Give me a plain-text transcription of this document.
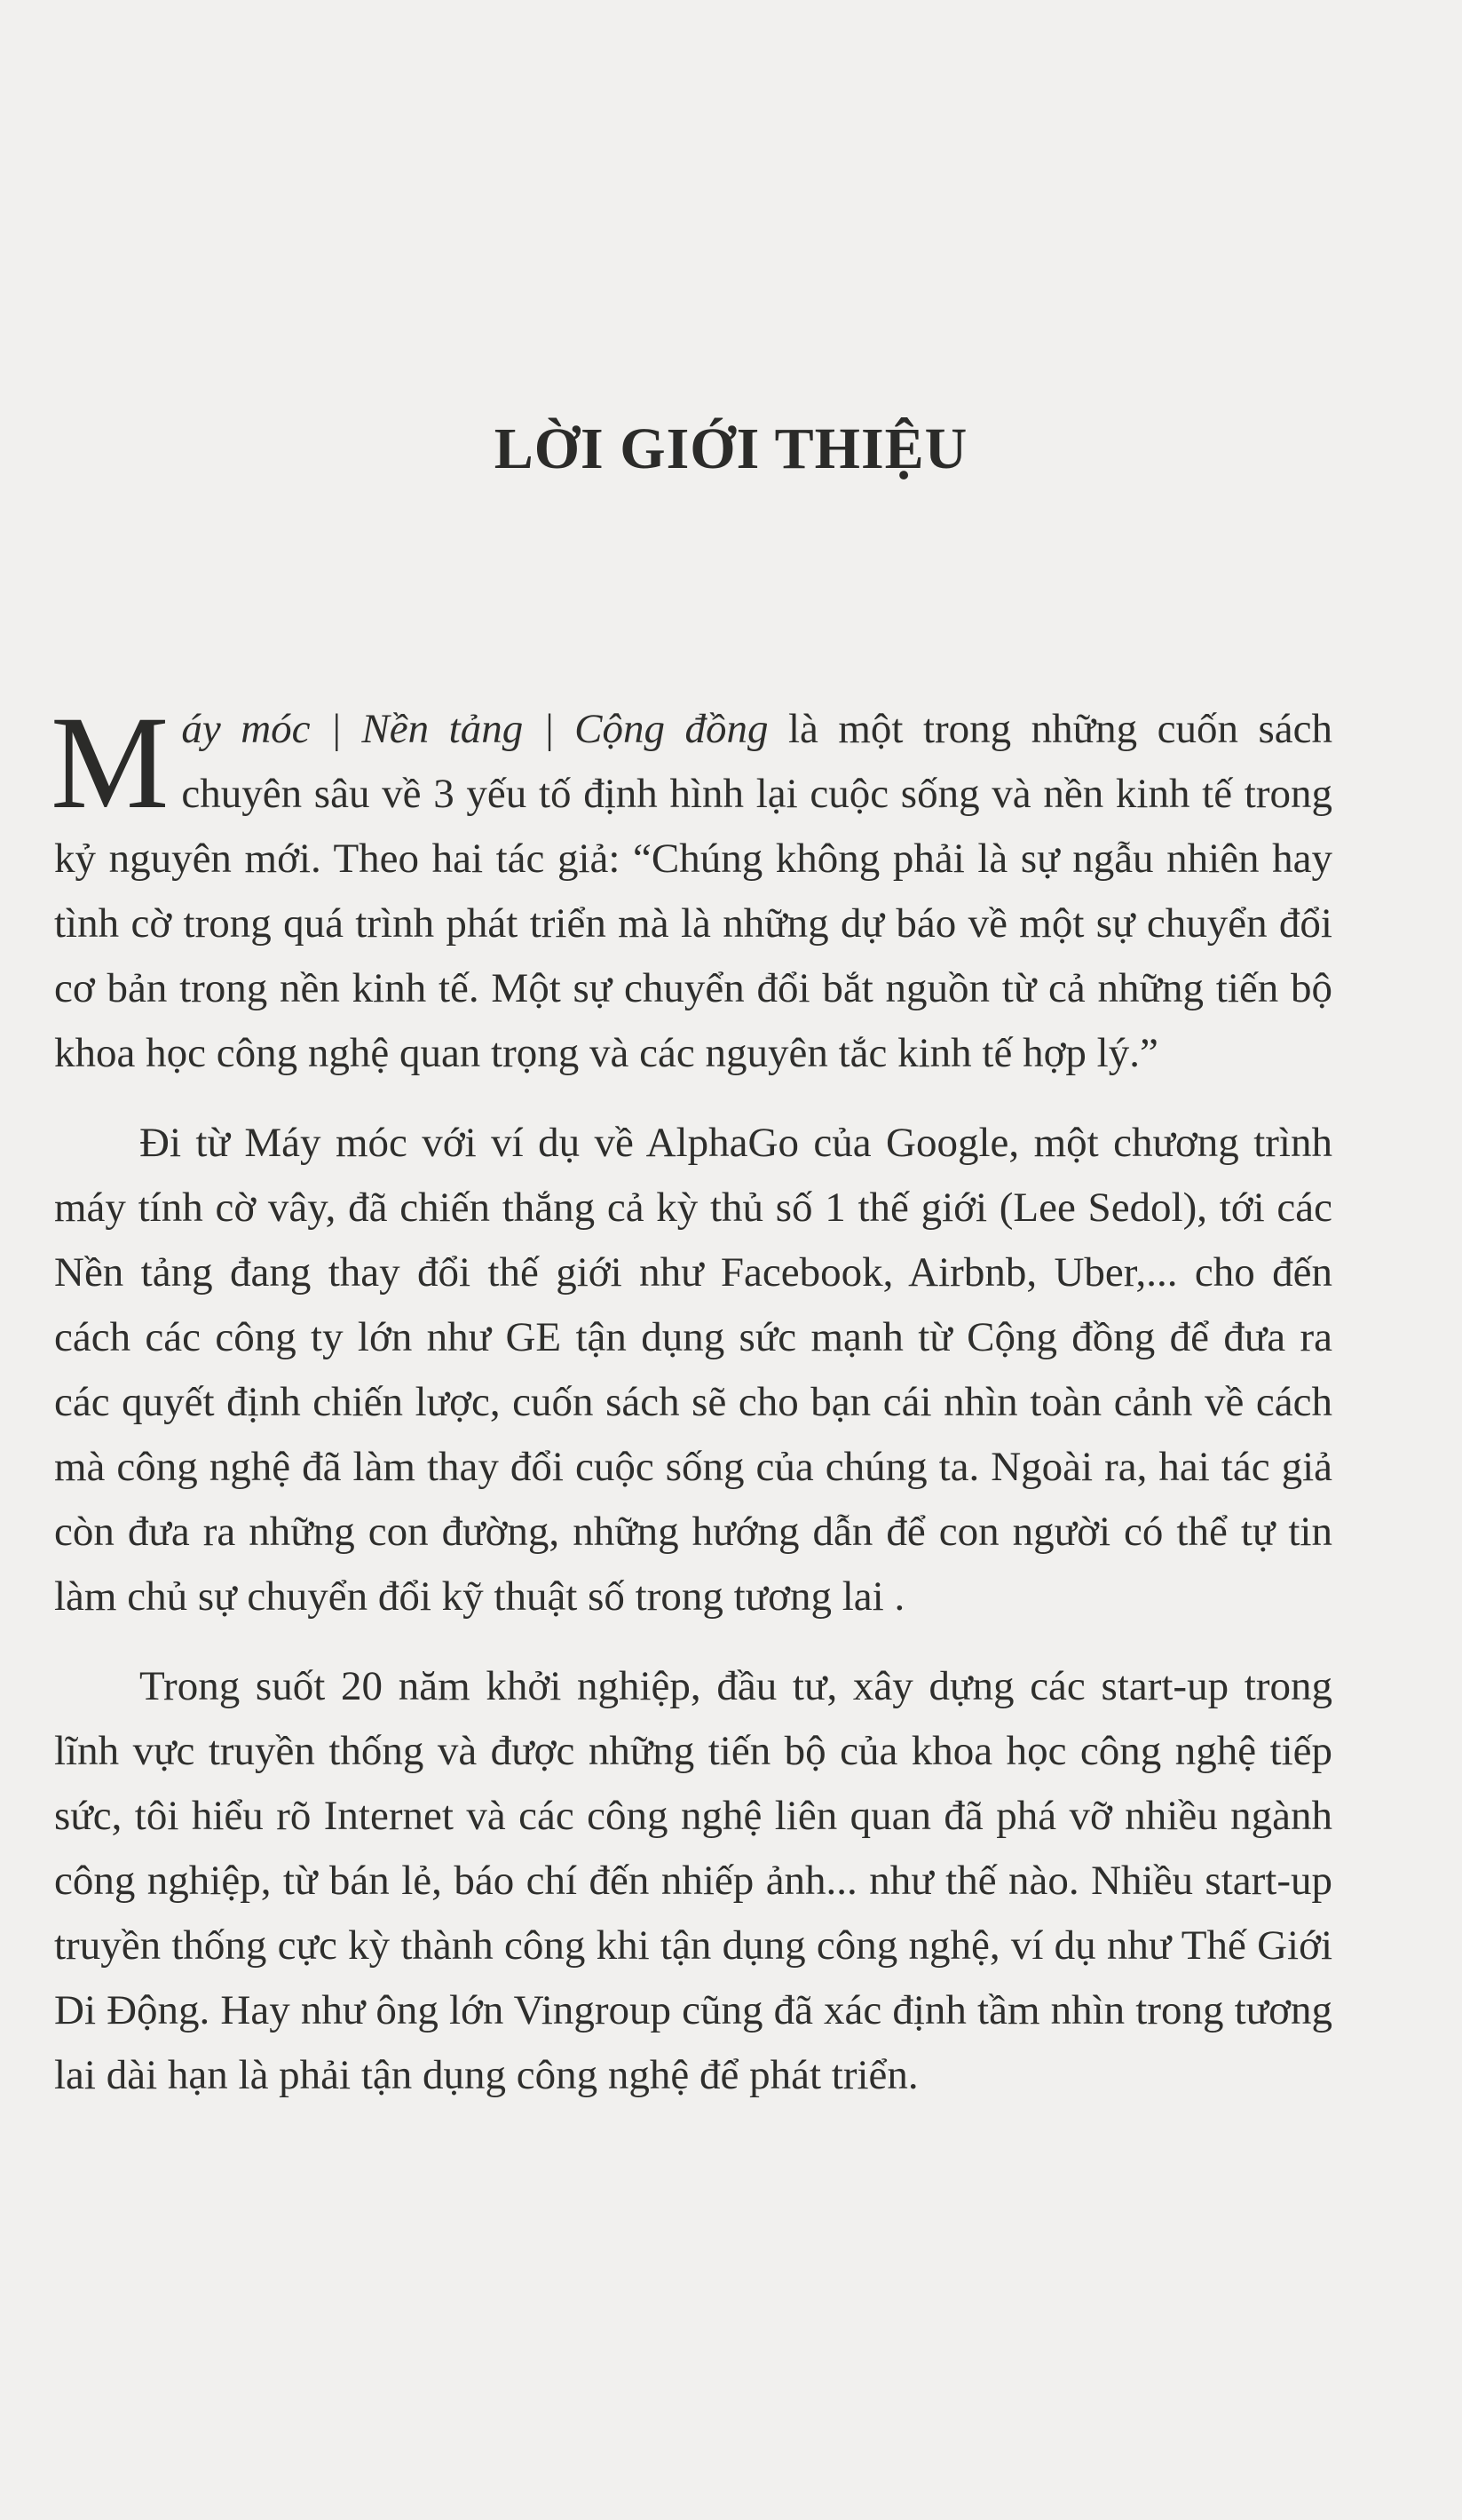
LỜI GIỚI THIỆU

Máy móc | Nền tảng | Cộng đồng là một trong những cuốn sách chuyên sâu về 3 yếu tố định hình lại cuộc sống và nền kinh tế trong kỷ nguyên mới. Theo hai tác giả: “Chúng không phải là sự ngẫu nhiên hay tình cờ trong quá trình phát triển mà là những dự báo về một sự chuyển đổi cơ bản trong nền kinh tế. Một sự chuyển đổi bắt nguồn từ cả những tiến bộ khoa học công nghệ quan trọng và các nguyên tắc kinh tế hợp lý.”

Đi từ Máy móc với ví dụ về AlphaGo của Google, một chương trình máy tính cờ vây, đã chiến thắng cả kỳ thủ số 1 thế giới (Lee Sedol), tới các Nền tảng đang thay đổi thế giới như Facebook, Airbnb, Uber,... cho đến cách các công ty lớn như GE tận dụng sức mạnh từ Cộng đồng để đưa ra các quyết định chiến lược, cuốn sách sẽ cho bạn cái nhìn toàn cảnh về cách mà công nghệ đã làm thay đổi cuộc sống của chúng ta. Ngoài ra, hai tác giả còn đưa ra những con đường, những hướng dẫn để con người có thể tự tin làm chủ sự chuyển đổi kỹ thuật số trong tương lai .

Trong suốt 20 năm khởi nghiệp, đầu tư, xây dựng các start-up trong lĩnh vực truyền thống và được những tiến bộ của khoa học công nghệ tiếp sức, tôi hiểu rõ Internet và các công nghệ liên quan đã phá vỡ nhiều ngành công nghiệp, từ bán lẻ, báo chí đến nhiếp ảnh... như thế nào. Nhiều start-up truyền thống cực kỳ thành công khi tận dụng công nghệ, ví dụ như Thế Giới Di Động. Hay như ông lớn Vingroup cũng đã xác định tầm nhìn trong tương lai dài hạn là phải tận dụng công nghệ để phát triển.
